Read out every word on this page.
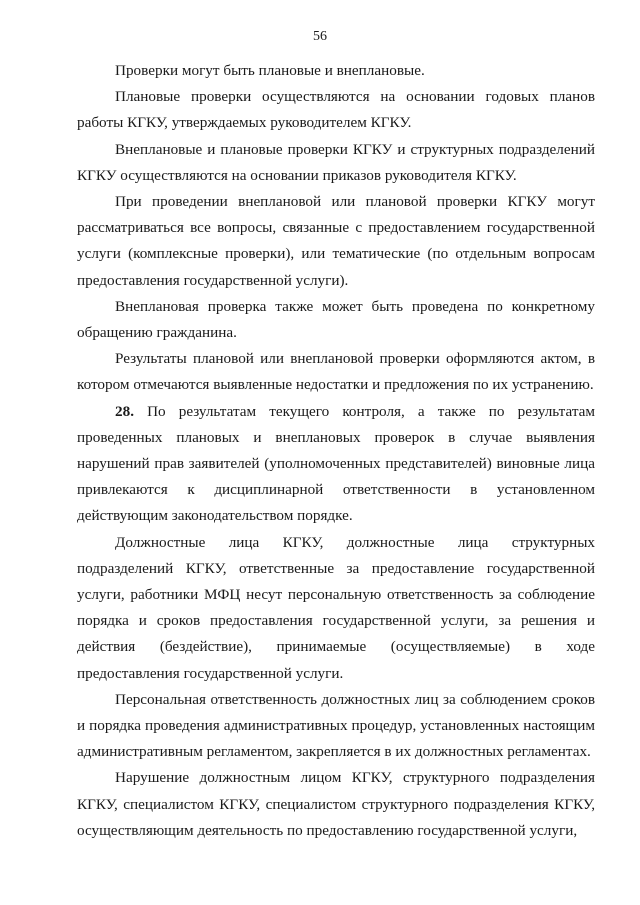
56

Проверки могут быть плановые и внеплановые.

Плановые проверки осуществляются на основании годовых планов работы КГКУ, утверждаемых руководителем КГКУ.

Внеплановые и плановые проверки КГКУ и структурных подразделений КГКУ осуществляются на основании приказов руководителя КГКУ.

При проведении внеплановой или плановой проверки КГКУ могут рассматриваться все вопросы, связанные с предоставлением государственной услуги (комплексные проверки), или тематические (по отдельным вопросам предоставления государственной услуги).

Внеплановая проверка также может быть проведена по конкретному обращению гражданина.

Результаты плановой или внеплановой проверки оформляются актом, в котором отмечаются выявленные недостатки и предложения по их устранению.

28. По результатам текущего контроля, а также по результатам проведенных плановых и внеплановых проверок в случае выявления нарушений прав заявителей (уполномоченных представителей) виновные лица привлекаются к дисциплинарной ответственности в установленном действующим законодательством порядке.

Должностные лица КГКУ, должностные лица структурных подразделений КГКУ, ответственные за предоставление государственной услуги, работники МФЦ несут персональную ответственность за соблюдение порядка и сроков предоставления государственной услуги, за решения и действия (бездействие), принимаемые (осуществляемые) в ходе предоставления государственной услуги.

Персональная ответственность должностных лиц за соблюдением сроков и порядка проведения административных процедур, установленных настоящим административным регламентом, закрепляется в их должностных регламентах.

Нарушение должностным лицом КГКУ, структурного подразделения КГКУ, специалистом КГКУ, специалистом структурного подразделения КГКУ, осуществляющим деятельность по предоставлению государственной услуги,
